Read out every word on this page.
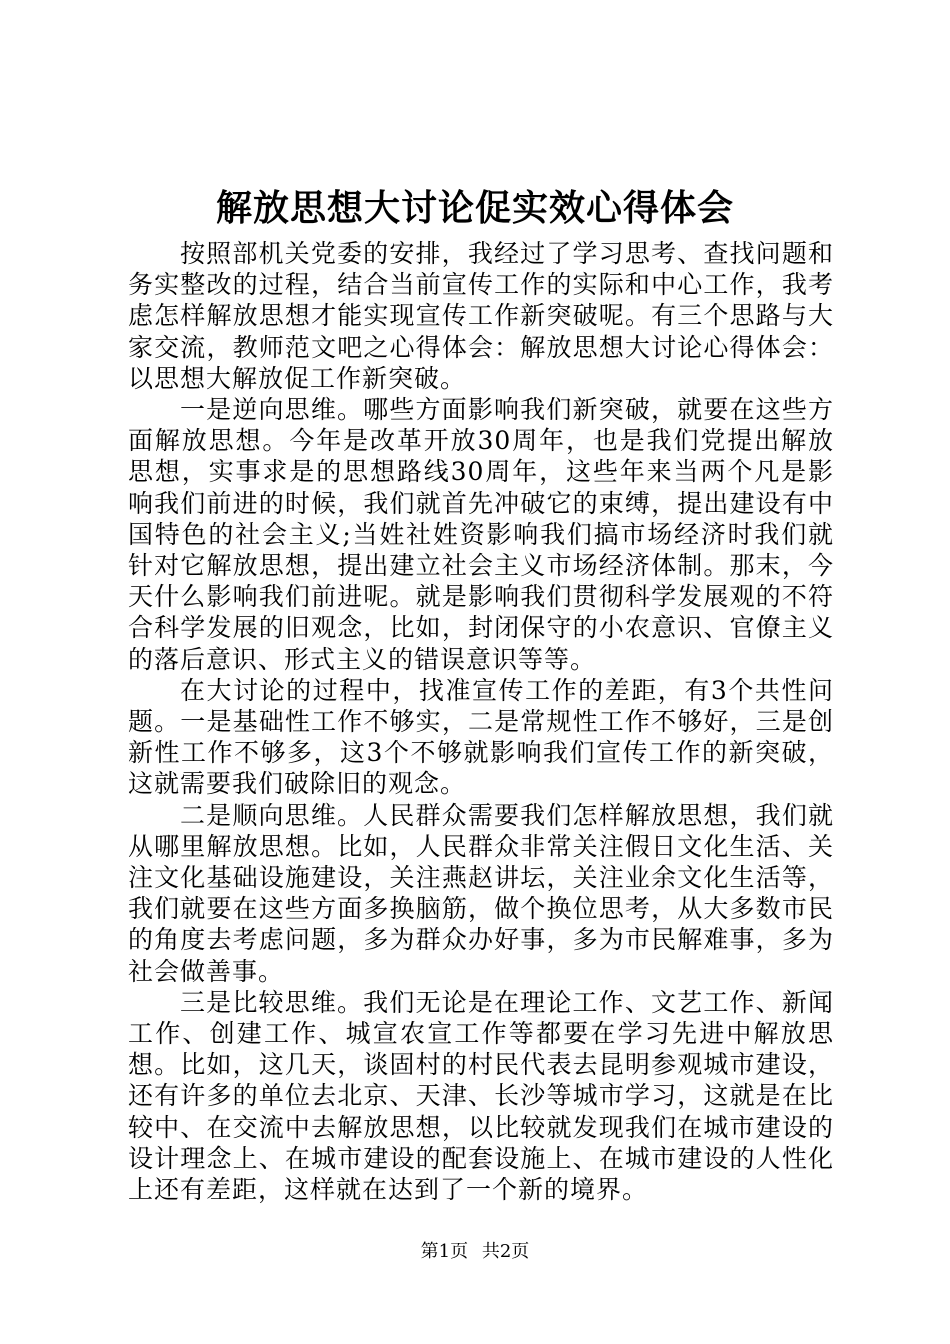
解放思想大讨论促实效心得体会

按照部机关党委的安排，我经过了学习思考、查找问题和务实整改的过程，结合当前宣传工作的实际和中心工作，我考虑怎样解放思想才能实现宣传工作新突破呢。有三个思路与大家交流，教师范文吧之心得体会：解放思想大讨论心得体会：以思想大解放促工作新突破。

一是逆向思维。哪些方面影响我们新突破，就要在这些方面解放思想。今年是改革开放30周年，也是我们党提出解放思想，实事求是的思想路线30周年，这些年来当两个凡是影响我们前进的时候，我们就首先冲破它的束缚，提出建设有中国特色的社会主义;当姓社姓资影响我们搞市场经济时我们就针对它解放思想，提出建立社会主义市场经济体制。那末，今天什么影响我们前进呢。就是影响我们贯彻科学发展观的不符合科学发展的旧观念，比如，封闭保守的小农意识、官僚主义的落后意识、形式主义的错误意识等等。

在大讨论的过程中，找准宣传工作的差距，有3个共性问题。一是基础性工作不够实，二是常规性工作不够好，三是创新性工作不够多，这3个不够就影响我们宣传工作的新突破，这就需要我们破除旧的观念。

二是顺向思维。人民群众需要我们怎样解放思想，我们就从哪里解放思想。比如，人民群众非常关注假日文化生活、关注文化基础设施建设，关注燕赵讲坛，关注业余文化生活等，我们就要在这些方面多换脑筋，做个换位思考，从大多数市民的角度去考虑问题，多为群众办好事，多为市民解难事，多为社会做善事。

三是比较思维。我们无论是在理论工作、文艺工作、新闻工作、创建工作、城宣农宣工作等都要在学习先进中解放思想。比如，这几天，谈固村的村民代表去昆明参观城市建设，还有许多的单位去北京、天津、长沙等城市学习，这就是在比较中、在交流中去解放思想，以比较就发现我们在城市建设的设计理念上、在城市建设的配套设施上、在城市建设的人性化上还有差距，这样就在达到了一个新的境界。

第1页 共2页
